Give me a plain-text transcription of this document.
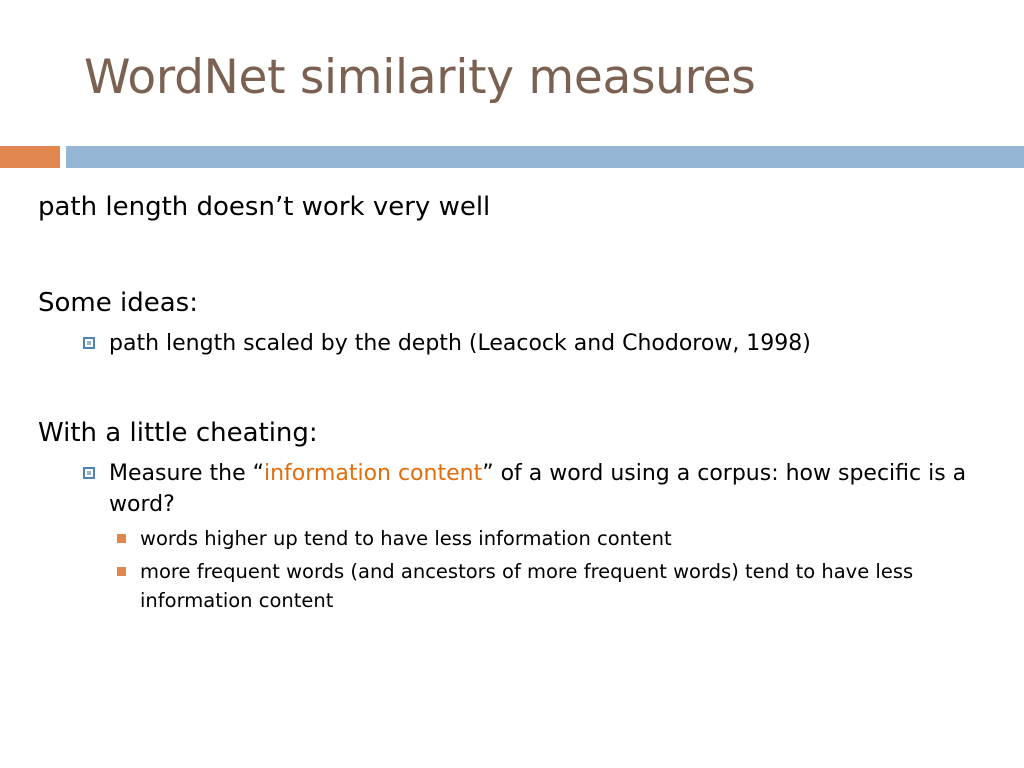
WordNet similarity measures
path length doesn’t work very well
Some ideas:
path length scaled by the depth (Leacock and Chodorow, 1998)
With a little cheating:
Measure the “information content” of a word using a corpus: how specific is a word?
words higher up tend to have less information content
more frequent words (and ancestors of more frequent words) tend to have less information content
